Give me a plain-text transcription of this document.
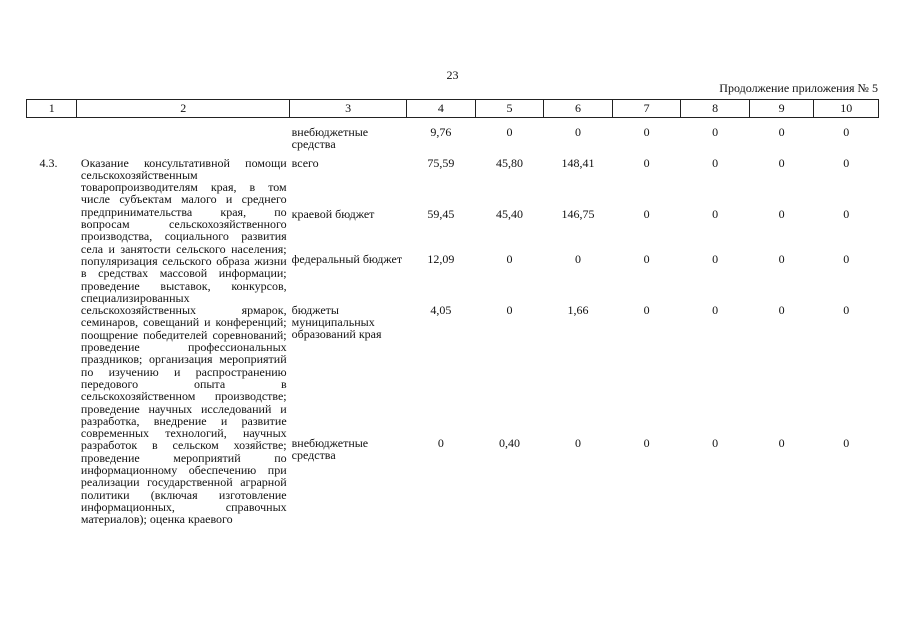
23
Продолжение приложения № 5
1	2	3	4	5	6	7	8	9	10
		внебюджетные средства	9,76	0	0	0	0	0	0
4.3.	Оказание консультативной помощи сельскохозяйственным товаропроизводителям края, в том числе субъектам малого и среднего предпринимательства края, по вопросам сельскохозяйственного производства, социального развития села и занятости сельского населения; популяризация сельского образа жизни в средствах массовой информации; проведение выставок, конкурсов, специализированных сельскохозяйственных ярмарок, семинаров, совещаний и конференций; поощрение победителей соревнований; проведение профессиональных праздников; организация мероприятий по изучению и распространению передового опыта в сельскохозяйственном производстве; проведение научных исследований и разработка, внедрение и развитие современных технологий, научных разработок в сельском хозяйстве; проведение мероприятий по информационному обеспечению при реализации государственной аграрной политики (включая изготовление информационных, справочных материалов); оценка краевого	всего	75,59	45,80	148,41	0	0	0	0
		краевой бюджет	59,45	45,40	146,75	0	0	0	0
		федеральный бюджет	12,09	0	0	0	0	0	0
		бюджеты муниципальных образований края	4,05	0	1,66	0	0	0	0
		внебюджетные средства	0	0,40	0	0	0	0	0
